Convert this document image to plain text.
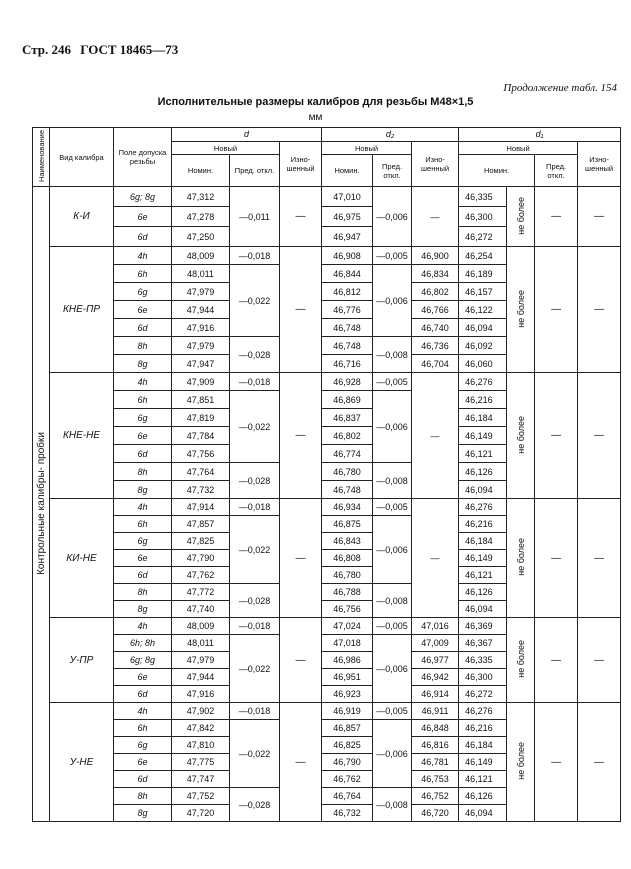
Стр. 246 ГОСТ 18465—73
Продолжение табл. 154
Исполнительные размеры калибров для резьбы M48×1,5
мм
Наименование	Вид калибра	Поле допуска резьбы	d			d₂			d₁			
			Новый		Изно-шенный	Новый		Изно-шенный	Новый			Изно-шенный
			Номин.	Пред. откл.		Номин.	Пред. откл.		Номин.		Пред. откл.	
Контрольные калибры- пробки	К-И	6g; 8g	47,312	—0,011	—	47,010	—0,006	—	46,335	не более	—	—
		6e	47,278			46,975			46,300			
		6d	47,250			46,947			46,272			
	КНЕ-ПР	4h	48,009	—0,018	—	46,908	—0,005	46,900	46,254	не более	—	—
		6h	48,011	—0,022		46,844	—0,006	46,834	46,189			
		6g	47,979			46,812		46,802	46,157			
		6e	47,944			46,776		46,766	46,122			
		6d	47,916			46,748		46,740	46,094			
		8h	47,979	—0,028		46,748	—0,008	46,736	46,092			
		8g	47,947			46,716		46,704	46,060			
	КНЕ-НЕ	4h	47,909	—0,018	—	46,928	—0,005	—	46,276	не более	—	—
		6h	47,851	—0,022		46,869	—0,006		46,216			
		6g	47,819			46,837			46,184			
		6e	47,784			46,802			46,149			
		6d	47,756			46,774			46,121			
		8h	47,764	—0,028		46,780	—0,008		46,126			
		8g	47,732			46,748			46,094			
	КИ-НЕ	4h	47,914	—0,018	—	46,934	—0,005	—	46,276	не более	—	—
		6h	47,857	—0,022		46,875	—0,006		46,216			
		6g	47,825			46,843			46,184			
		6e	47,790			46,808			46,149			
		6d	47,762			46,780			46,121			
		8h	47,772	—0,028		46,788	—0,008		46,126			
		8g	47,740			46,756			46,094			
	У-ПР	4h	48,009	—0,018	—	47,024	—0,005	47,016	46,369	не более	—	—
		6h; 8h	48,011	—0,022		47,018	—0,006	47,009	46,367			
		6g; 8g	47,979			46,986		46,977	46,335			
		6e	47,944			46,951		46,942	46,300			
		6d	47,916			46,923		46,914	46,272			
	У-НЕ	4h	47,902	—0,018	—	46,919	—0,005	46,911	46,276	не более	—	—
		6h	47,842	—0,022		46,857	—0,006	46,848	46,216			
		6g	47,810			46,825		46,816	46,184			
		6e	47,775			46,790		46,781	46,149			
		6d	47,747			46,762		46,753	46,121			
		8h	47,752	—0,028		46,764	—0,008	46,752	46,126			
		8g	47,720			46,732		46,720	46,094			
